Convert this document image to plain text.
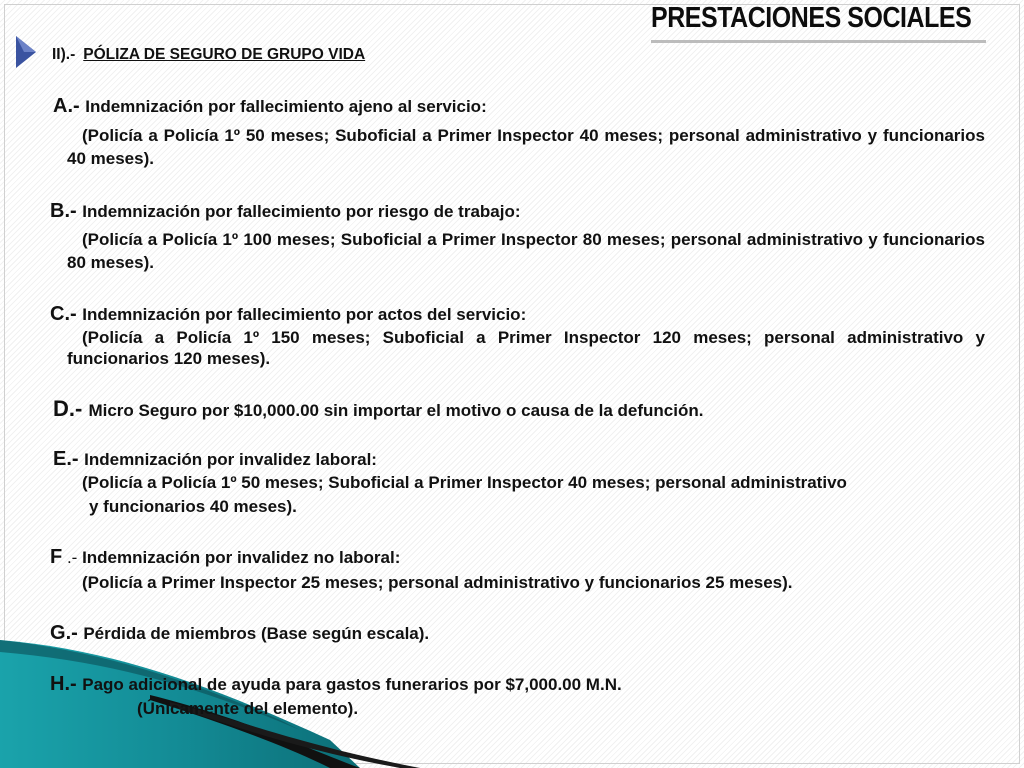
PRESTACIONES SOCIALES
II).- PÓLIZA DE SEGURO DE GRUPO VIDA
A.- Indemnización por fallecimiento ajeno al servicio:
(Policía a Policía 1º 50 meses; Suboficial a Primer Inspector 40 meses; personal administrativo y funcionarios 40 meses).
B.- Indemnización por fallecimiento por riesgo de trabajo:
(Policía a Policía 1º 100 meses; Suboficial a Primer Inspector 80 meses; personal administrativo y funcionarios 80 meses).
C.- Indemnización por fallecimiento por actos del servicio:
(Policía a Policía 1º 150 meses; Suboficial a Primer Inspector 120 meses; personal administrativo y funcionarios 120 meses).
D.- Micro Seguro por $10,000.00 sin importar el motivo o causa de la defunción.
E.- Indemnización por invalidez laboral:
(Policía a Policía 1º 50 meses; Suboficial a Primer Inspector 40 meses; personal administrativo
y funcionarios 40 meses).
F .- Indemnización por invalidez no laboral:
(Policía a Primer Inspector 25 meses; personal administrativo y funcionarios 25 meses).
G.- Pérdida de miembros (Base según escala).
H.- Pago adicional de ayuda para gastos funerarios por $7,000.00 M.N.
(Únicamente del elemento).
